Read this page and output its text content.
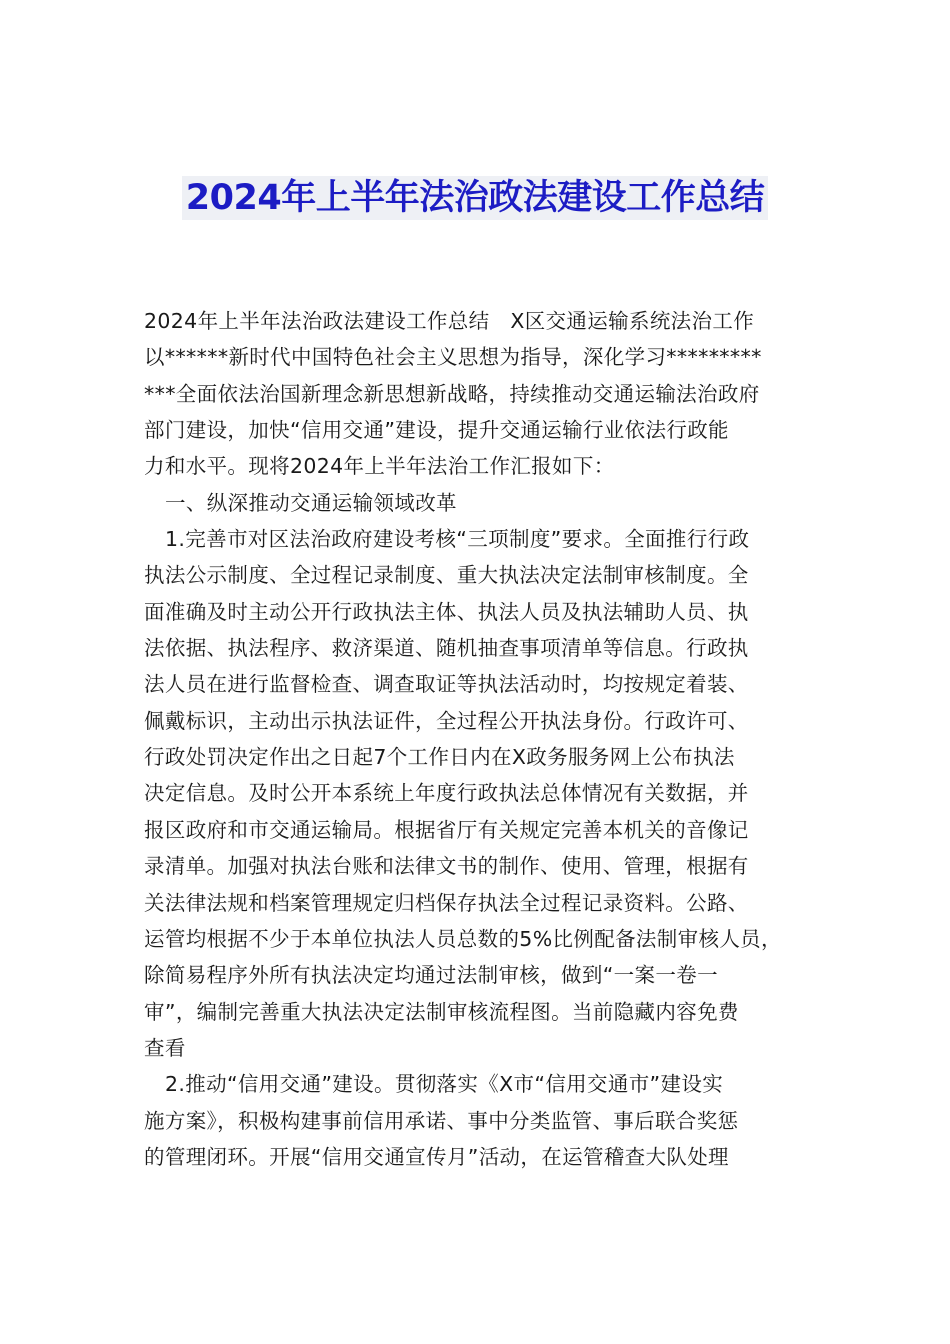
2024年上半年法治政法建设工作总结
2024年上半年法治政法建设工作总结　X区交通运输系统法治工作
以******新时代中国特色社会主义思想为指导，深化学习*********
***全面依法治国新理念新思想新战略，持续推动交通运输法治政府
部门建设，加快“信用交通”建设，提升交通运输行业依法行政能
力和水平。现将2024年上半年法治工作汇报如下：
一、纵深推动交通运输领域改革
1.完善市对区法治政府建设考核“三项制度”要求。全面推行行政
执法公示制度、全过程记录制度、重大执法决定法制审核制度。全
面准确及时主动公开行政执法主体、执法人员及执法辅助人员、执
法依据、执法程序、救济渠道、随机抽查事项清单等信息。行政执
法人员在进行监督检查、调查取证等执法活动时，均按规定着装、
佩戴标识，主动出示执法证件，全过程公开执法身份。行政许可、
行政处罚决定作出之日起7个工作日内在X政务服务网上公布执法
决定信息。及时公开本系统上年度行政执法总体情况有关数据，并
报区政府和市交通运输局。根据省厅有关规定完善本机关的音像记
录清单。加强对执法台账和法律文书的制作、使用、管理，根据有
关法律法规和档案管理规定归档保存执法全过程记录资料。公路、
运管均根据不少于本单位执法人员总数的5%比例配备法制审核人员，
除简易程序外所有执法决定均通过法制审核，做到“一案一卷一
审”，编制完善重大执法决定法制审核流程图。当前隐藏内容免费
查看
2.推动“信用交通”建设。贯彻落实《X市“信用交通市”建设实
施方案》，积极构建事前信用承诺、事中分类监管、事后联合奖惩
的管理闭环。开展“信用交通宣传月”活动，在运管稽查大队处理
